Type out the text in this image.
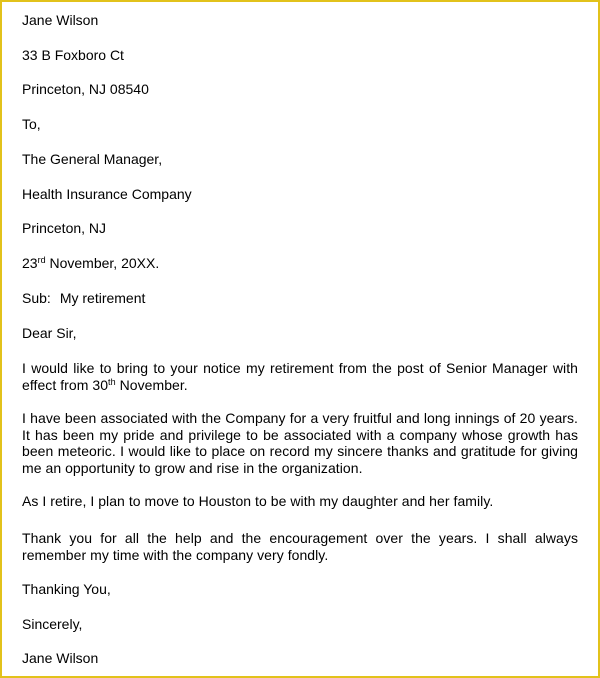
Jane Wilson
33 B Foxboro Ct
Princeton, NJ 08540
To,
The General Manager,
Health Insurance Company
Princeton, NJ
23rd November, 20XX.
Sub: My retirement
Dear Sir,
I would like to bring to your notice my retirement from the post of Senior Manager with effect from 30th November.
I have been associated with the Company for a very fruitful and long innings of 20 years. It has been my pride and privilege to be associated with a company whose growth has been meteoric. I would like to place on record my sincere thanks and gratitude for giving me an opportunity to grow and rise in the organization.
As I retire, I plan to move to Houston to be with my daughter and her family.
Thank you for all the help and the encouragement over the years. I shall always remember my time with the company very fondly.
Thanking You,
Sincerely,
Jane Wilson
